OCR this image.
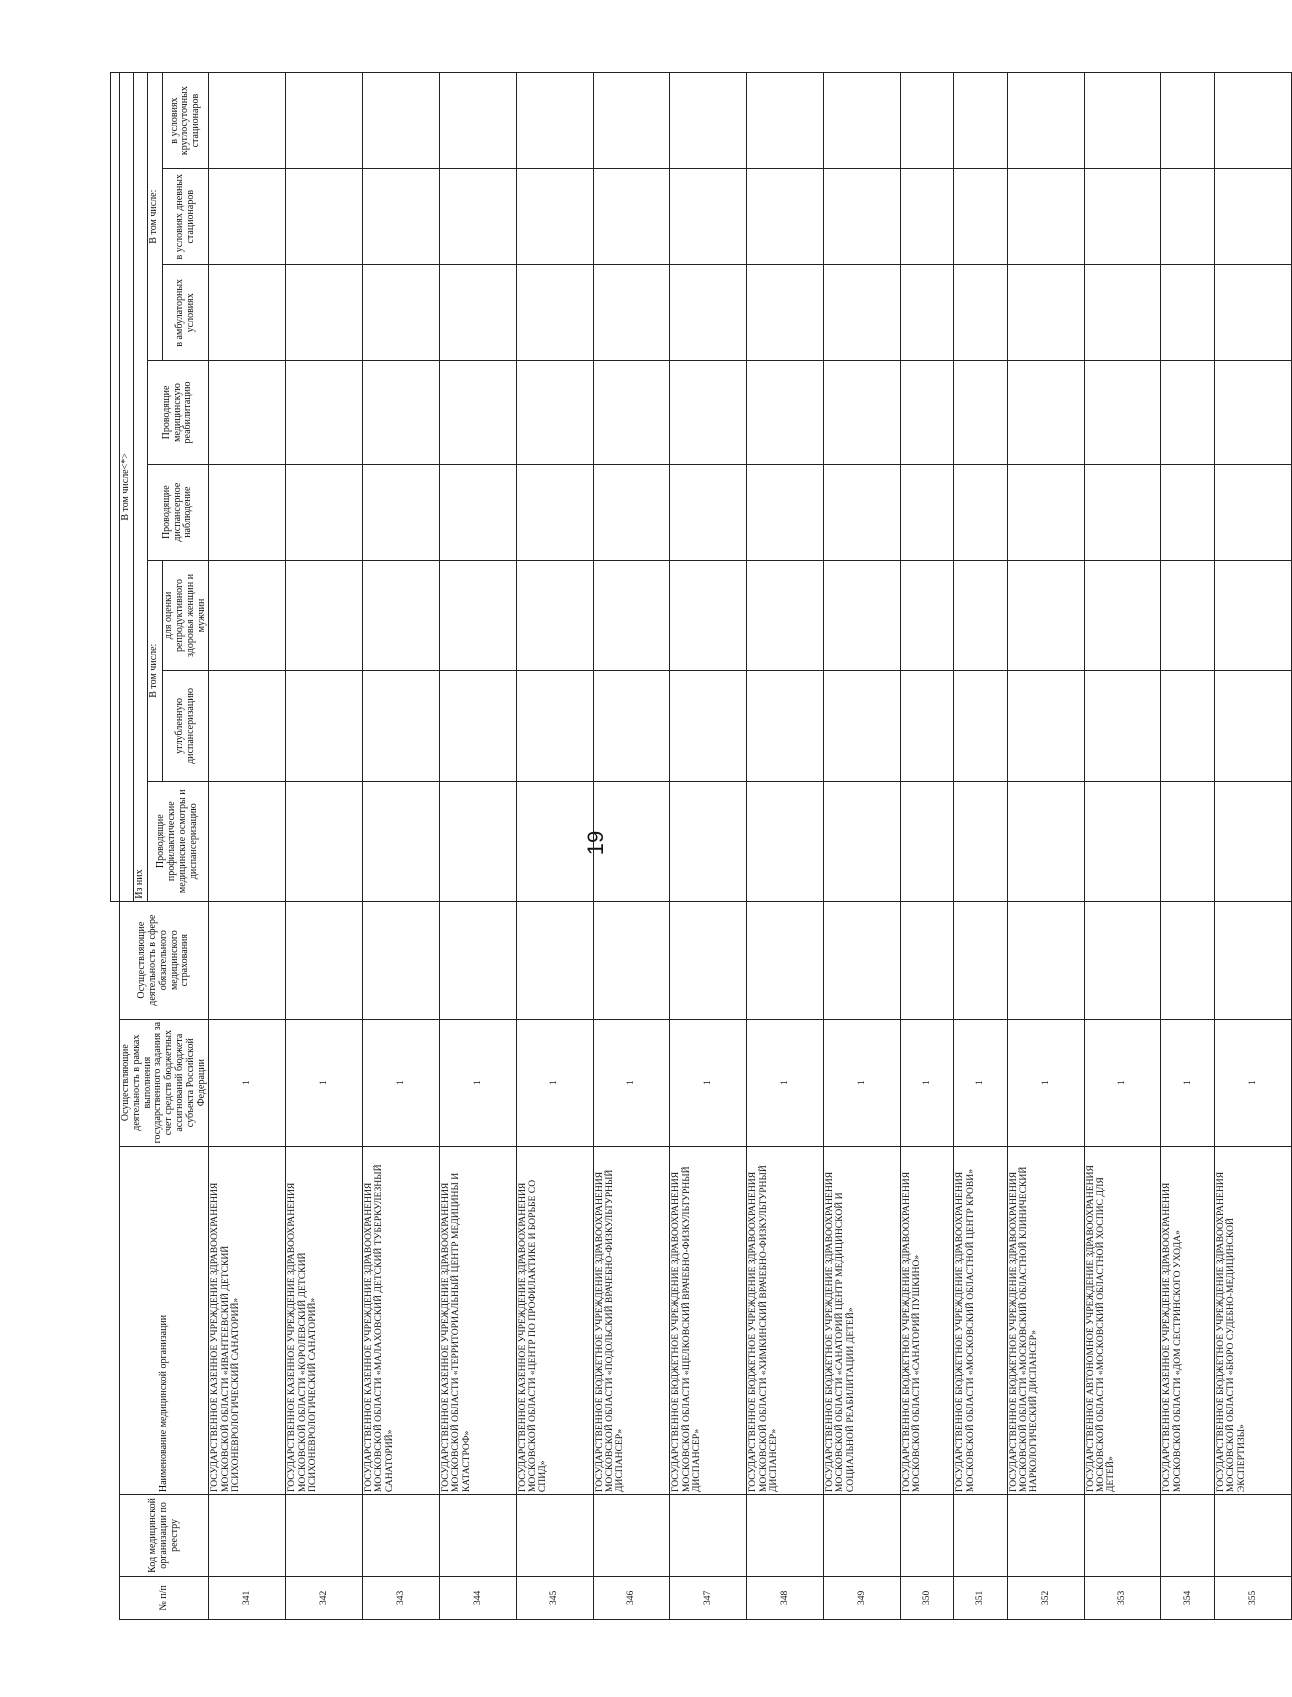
19

№ п/п	Код медицинской организации по реестру	Наименование медицинской организации	Осуществляющие деятельность в рамках выполнения государственного задания за счет средств бюджетных ассигнований бюджета субъекта Российской Федерации	Осуществляющие деятельность в сфере обязательного медицинского страхования	В том числе<*>							
					Из них							
					Проводящие профилактические медицинские осмотры и диспансеризацию	В том числе:		Проводящие диспансерное наблюдение	Проводящие медицинскую реабилитацию	В том числе:		
						углубленную диспансеризацию	для оценки репродуктивного здоровья женщин и мужчин			в амбулаторных условиях	в условиях дневных стационаров	в условиях круглосуточных стационаров
341		ГОСУДАРСТВЕННОЕ КАЗЕННОЕ УЧРЕЖДЕНИЕ ЗДРАВООХРАНЕНИЯ МОСКОВСКОЙ ОБЛАСТИ «ИВАНТЕЕВСКИЙ ДЕТСКИЙ ПСИХОНЕВРОЛОГИЧЕСКИЙ САНАТОРИЙ»	1									
342		ГОСУДАРСТВЕННОЕ КАЗЕННОЕ УЧРЕЖДЕНИЕ ЗДРАВООХРАНЕНИЯ МОСКОВСКОЙ ОБЛАСТИ «КОРОЛЕВСКИЙ ДЕТСКИЙ ПСИХОНЕВРОЛОГИЧЕСКИЙ САНАТОРИЙ»	1									
343		ГОСУДАРСТВЕННОЕ КАЗЕННОЕ УЧРЕЖДЕНИЕ ЗДРАВООХРАНЕНИЯ МОСКОВСКОЙ ОБЛАСТИ «МАЛАХОВСКИЙ ДЕТСКИЙ ТУБЕРКУЛЕЗНЫЙ САНАТОРИЙ»	1									
344		ГОСУДАРСТВЕННОЕ КАЗЕННОЕ УЧРЕЖДЕНИЕ ЗДРАВООХРАНЕНИЯ МОСКОВСКОЙ ОБЛАСТИ «ТЕРРИТОРИАЛЬНЫЙ ЦЕНТР МЕДИЦИНЫ И КАТАСТРОФ»	1									
345		ГОСУДАРСТВЕННОЕ КАЗЕННОЕ УЧРЕЖДЕНИЕ ЗДРАВООХРАНЕНИЯ МОСКОВСКОЙ ОБЛАСТИ «ЦЕНТР ПО ПРОФИЛАКТИКЕ И БОРЬБЕ СО СПИД»	1									
346		ГОСУДАРСТВЕННОЕ БЮДЖЕТНОЕ УЧРЕЖДЕНИЕ ЗДРАВООХРАНЕНИЯ МОСКОВСКОЙ ОБЛАСТИ «ПОДОЛЬСКИЙ ВРАЧЕБНО-ФИЗКУЛЬТУРНЫЙ ДИСПАНСЕР»	1									
347		ГОСУДАРСТВЕННОЕ БЮДЖЕТНОЕ УЧРЕЖДЕНИЕ ЗДРАВООХРАНЕНИЯ МОСКОВСКОЙ ОБЛАСТИ «ЩЕЛКОВСКИЙ ВРАЧЕБНО-ФИЗКУЛЬТУРНЫЙ ДИСПАНСЕР»	1									
348		ГОСУДАРСТВЕННОЕ БЮДЖЕТНОЕ УЧРЕЖДЕНИЕ ЗДРАВООХРАНЕНИЯ МОСКОВСКОЙ ОБЛАСТИ «ХИМКИНСКИЙ ВРАЧЕБНО-ФИЗКУЛЬТУРНЫЙ ДИСПАНСЕР»	1									
349		ГОСУДАРСТВЕННОЕ БЮДЖЕТНОЕ УЧРЕЖДЕНИЕ ЗДРАВООХРАНЕНИЯ МОСКОВСКОЙ ОБЛАСТИ «САНАТОРИЙ ЦЕНТР МЕДИЦИНСКОЙ И СОЦИАЛЬНОЙ РЕАБИЛИТАЦИИ ДЕТЕЙ»	1									
350		ГОСУДАРСТВЕННОЕ БЮДЖЕТНОЕ УЧРЕЖДЕНИЕ ЗДРАВООХРАНЕНИЯ МОСКОВСКОЙ ОБЛАСТИ «САНАТОРИЙ ПУШКИНО»	1									
351		ГОСУДАРСТВЕННОЕ БЮДЖЕТНОЕ УЧРЕЖДЕНИЕ ЗДРАВООХРАНЕНИЯ МОСКОВСКОЙ ОБЛАСТИ «МОСКОВСКИЙ ОБЛАСТНОЙ ЦЕНТР КРОВИ»	1									
352		ГОСУДАРСТВЕННОЕ БЮДЖЕТНОЕ УЧРЕЖДЕНИЕ ЗДРАВООХРАНЕНИЯ МОСКОВСКОЙ ОБЛАСТИ «МОСКОВСКИЙ ОБЛАСТНОЙ КЛИНИЧЕСКИЙ НАРКОЛОГИЧЕСКИЙ ДИСПАНСЕР»	1									
353		ГОСУДАРСТВЕННОЕ АВТОНОМНОЕ УЧРЕЖДЕНИЕ ЗДРАВООХРАНЕНИЯ МОСКОВСКОЙ ОБЛАСТИ «МОСКОВСКИЙ ОБЛАСТНОЙ ХОСПИС ДЛЯ ДЕТЕЙ»	1									
354		ГОСУДАРСТВЕННОЕ КАЗЕННОЕ УЧРЕЖДЕНИЕ ЗДРАВООХРАНЕНИЯ МОСКОВСКОЙ ОБЛАСТИ «ДОМ СЕСТРИНСКОГО УХОДА»	1									
355		ГОСУДАРСТВЕННОЕ БЮДЖЕТНОЕ УЧРЕЖДЕНИЕ ЗДРАВООХРАНЕНИЯ МОСКОВСКОЙ ОБЛАСТИ «БЮРО СУДЕБНО-МЕДИЦИНСКОЙ ЭКСПЕРТИЗЫ»	1									
